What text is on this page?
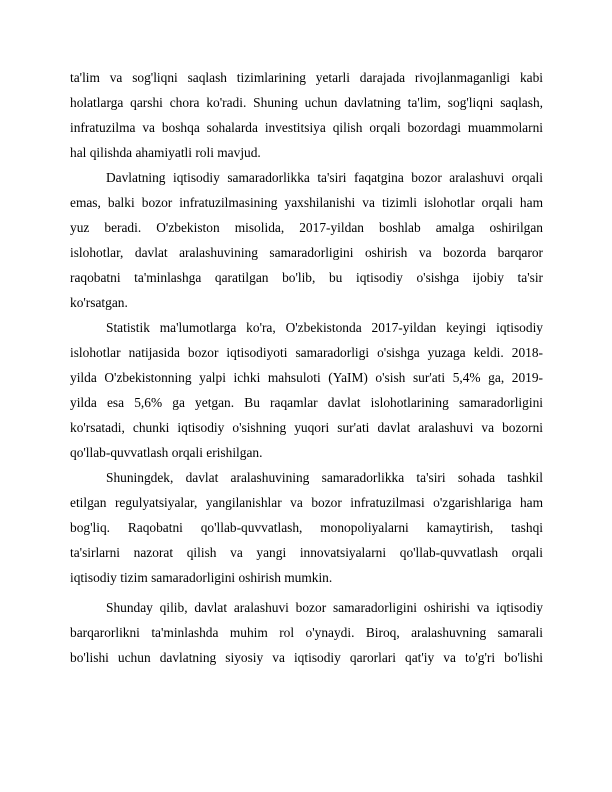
ta'lim va sog'liqni saqlash tizimlarining yetarli darajada rivojlanmaganligi kabi
holatlarga qarshi chora ko'radi. Shuning uchun davlatning ta'lim, sog'liqni saqlash,
infratuzilma va boshqa sohalarda investitsiya qilish orqali bozordagi muammolarni
hal qilishda ahamiyatli roli mavjud.
Davlatning iqtisodiy samaradorlikka ta'siri faqatgina bozor aralashuvi orqali
emas, balki bozor infratuzilmasining yaxshilanishi va tizimli islohotlar orqali ham
yuz beradi. O'zbekiston misolida, 2017-yildan boshlab amalga oshirilgan
islohotlar, davlat aralashuvining samaradorligini oshirish va bozorda barqaror
raqobatni ta'minlashga qaratilgan bo'lib, bu iqtisodiy o'sishga ijobiy ta'sir
ko'rsatgan.
Statistik ma'lumotlarga ko'ra, O'zbekistonda 2017-yildan keyingi iqtisodiy
islohotlar natijasida bozor iqtisodiyoti samaradorligi o'sishga yuzaga keldi. 2018-
yilda O'zbekistonning yalpi ichki mahsuloti (YaIM) o'sish sur'ati 5,4% ga, 2019-
yilda esa 5,6% ga yetgan. Bu raqamlar davlat islohotlarining samaradorligini
ko'rsatadi, chunki iqtisodiy o'sishning yuqori sur'ati davlat aralashuvi va bozorni
qo'llab-quvvatlash orqali erishilgan.
Shuningdek, davlat aralashuvining samaradorlikka ta'siri sohada tashkil
etilgan regulyatsiyalar, yangilanishlar va bozor infratuzilmasi o'zgarishlariga ham
bog'liq. Raqobatni qo'llab-quvvatlash, monopoliyalarni kamaytirish, tashqi
ta'sirlarni nazorat qilish va yangi innovatsiyalarni qo'llab-quvvatlash orqali
iqtisodiy tizim samaradorligini oshirish mumkin.
Shunday qilib, davlat aralashuvi bozor samaradorligini oshirishi va iqtisodiy
barqarorlikni ta'minlashda muhim rol o'ynaydi. Biroq, aralashuvning samarali
bo'lishi uchun davlatning siyosiy va iqtisodiy qarorlari qat'iy va to'g'ri bo'lishi
